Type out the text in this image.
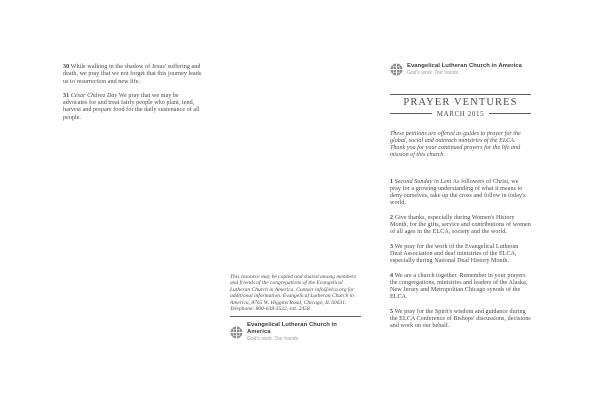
30 While walking in the shadow of Jesus' suffering and death, we pray that we not forget that this journey leads us to resurrection and new life.

31 César Chávez Day We pray that we may be advocates for and treat fairly people who plant, tend, harvest and prepare food for the daily sustenance of all people.

This resource may be copied and shared among members and friends of the congregations of the Evangelical Lutheran Church in America. Contact info@elca.org for additional information. Evangelical Lutheran Church in America, 8765 W. Higgins Road, Chicago, IL 60631. Telephone: 800-638-3522, ext. 2458.

Evangelical Lutheran Church in America
God's work. Our hands.
Evangelical Lutheran Church in America
God's work. Our hands.
PRAYER VENTURES
MARCH 2015

These petitions are offered as guides to prayer for the global, social and outreach ministries of the ELCA. Thank you for your continued prayers for the life and mission of this church.

1 Second Sunday in Lent As followers of Christ, we pray for a growing understanding of what it means to deny ourselves, take up the cross and follow in today's world.

2 Give thanks, especially during Women's History Month, for the gifts, service and contributions of women of all ages in the ELCA, society and the world.

3 We pray for the work of the Evangelical Lutheran Deaf Association and deaf ministries of the ELCA, especially during National Deaf History Month.

4 We are a church together. Remember in your prayers the congregations, ministries and leaders of the Alaska, New Jersey and Metropolitan Chicago synods of the ELCA.

5 We pray for the Spirit's wisdom and guidance during the ELCA Conference of Bishops' discussions, decisions and work on our behalf.
